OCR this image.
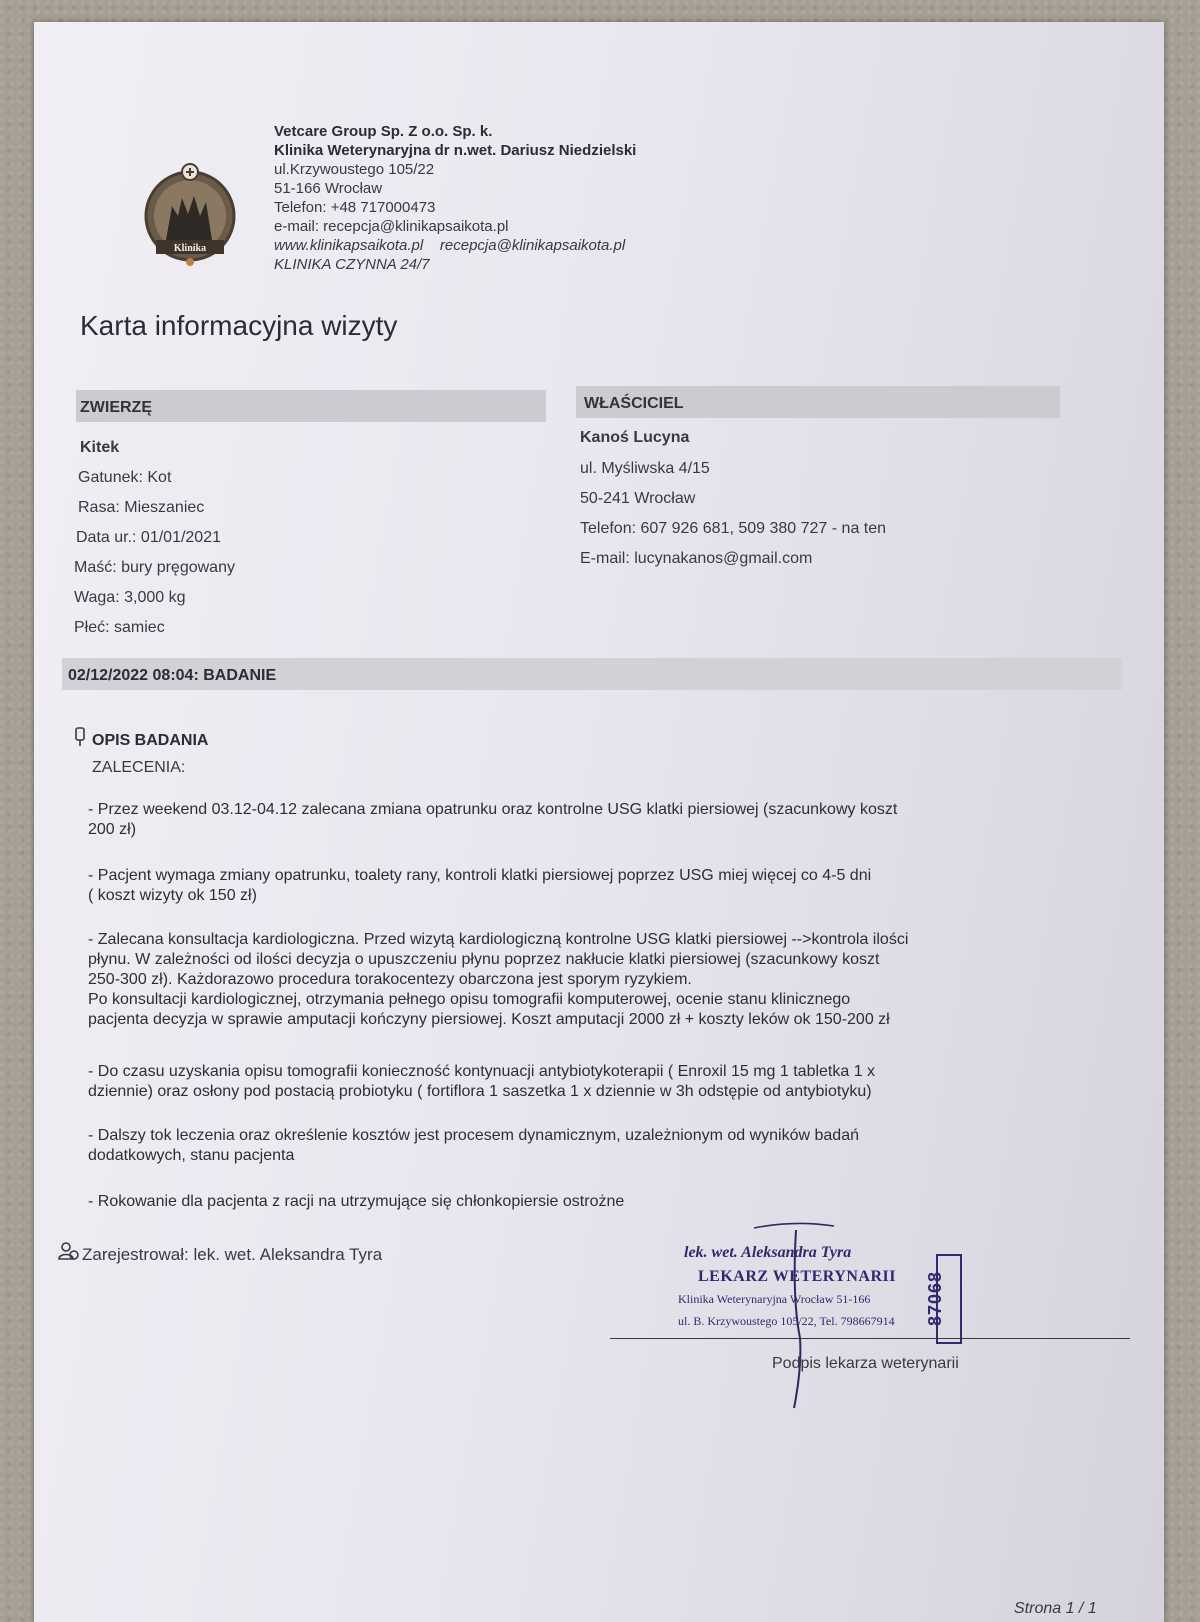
Klinika
Vetcare Group Sp. Z o.o. Sp. k.
Klinika Weterynaryjna dr n.wet. Dariusz Niedzielski
ul.Krzywoustego 105/22
51-166 Wrocław
Telefon: +48 717000473
e-mail: recepcja@klinikapsaikota.pl
www.klinikapsaikota.pl    recepcja@klinikapsaikota.pl
KLINIKA CZYNNA 24/7
Karta informacyjna wizyty
ZWIERZĘ
Kitek
Gatunek: Kot
Rasa: Mieszaniec
Data ur.: 01/01/2021
Maść: bury pręgowany
Waga: 3,000 kg
Płeć: samiec
WŁAŚCICIEL
Kanoś Lucyna
ul. Myśliwska 4/15
50-241 Wrocław
Telefon: 607 926 681, 509 380 727 - na ten
E-mail: lucynakanos@gmail.com
02/12/2022 08:04: BADANIE
OPIS BADANIA
ZALECENIA:
- Przez weekend 03.12-04.12 zalecana zmiana opatrunku oraz kontrolne USG klatki piersiowej (szacunkowy koszt
200 zł)
- Pacjent wymaga zmiany opatrunku, toalety rany, kontroli klatki piersiowej poprzez USG miej więcej co 4-5 dni
( koszt wizyty ok 150 zł)
- Zalecana konsultacja kardiologiczna. Przed wizytą kardiologiczną kontrolne USG klatki piersiowej -->kontrola ilości
płynu. W zależności od ilości decyzja o upuszczeniu płynu poprzez nakłucie klatki piersiowej (szacunkowy koszt
250-300 zł). Każdorazowo procedura torakocentezy obarczona jest sporym ryzykiem.
Po konsultacji kardiologicznej, otrzymania pełnego opisu tomografii komputerowej, ocenie stanu klinicznego
pacjenta decyzja w sprawie amputacji kończyny piersiowej. Koszt amputacji 2000 zł + koszty leków ok 150-200 zł
- Do czasu uzyskania opisu tomografii konieczność kontynuacji antybiotykoterapii ( Enroxil 15 mg 1 tabletka 1 x
dziennie) oraz osłony pod postacią probiotyku ( fortiflora 1 saszetka 1 x dziennie w 3h odstępie od antybiotyku)
- Dalszy tok leczenia oraz określenie kosztów jest procesem dynamicznym, uzależnionym od wyników badań
dodatkowych, stanu pacjenta
- Rokowanie dla pacjenta z racji na utrzymujące się chłonkopiersie ostrożne
Zarejestrował: lek. wet. Aleksandra Tyra	lek. wet. Aleksandra Tyra
LEKARZ WETERYNARII
Klinika Weterynaryjna Wrocław 51-166
ul. B. Krzywoustego 105/22, Tel. 798667914 87068
Podpis lekarza weterynarii
Strona 1 / 1
